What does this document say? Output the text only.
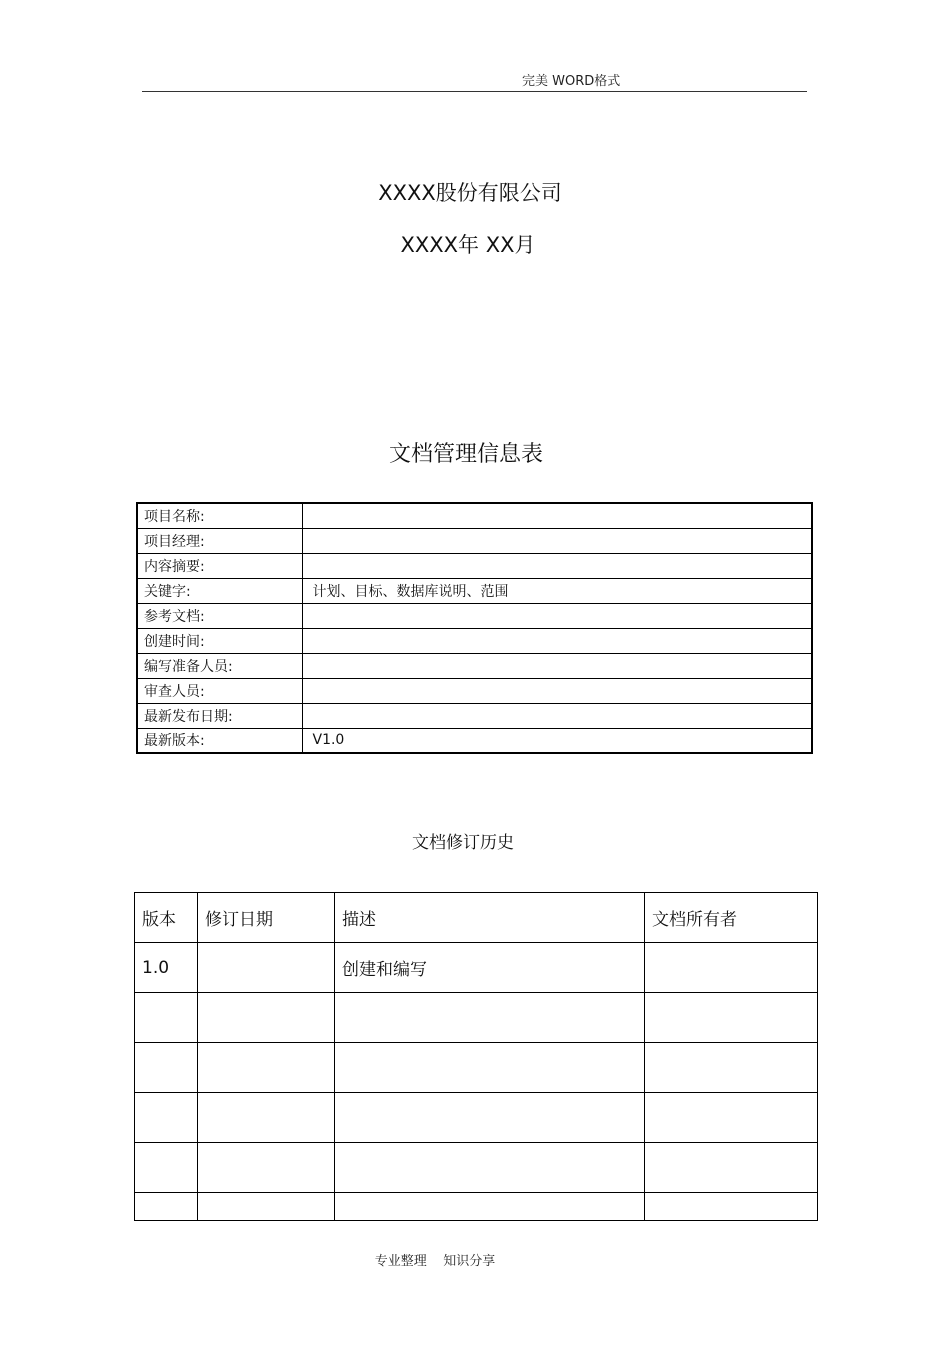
完美 WORD格式
XXXX股份有限公司
XXXX年 XX月
文档管理信息表
项目名称:	
项目经理:	
内容摘要:	
关键字:	计划、目标、数据库说明、范围
参考文档:	
创建时间:	
编写准备人员:	
审查人员:	
最新发布日期:	
最新版本:	V1.0
文档修订历史
版本	修订日期	描述	文档所有者
1.0		创建和编写	

专业整理    知识分享
